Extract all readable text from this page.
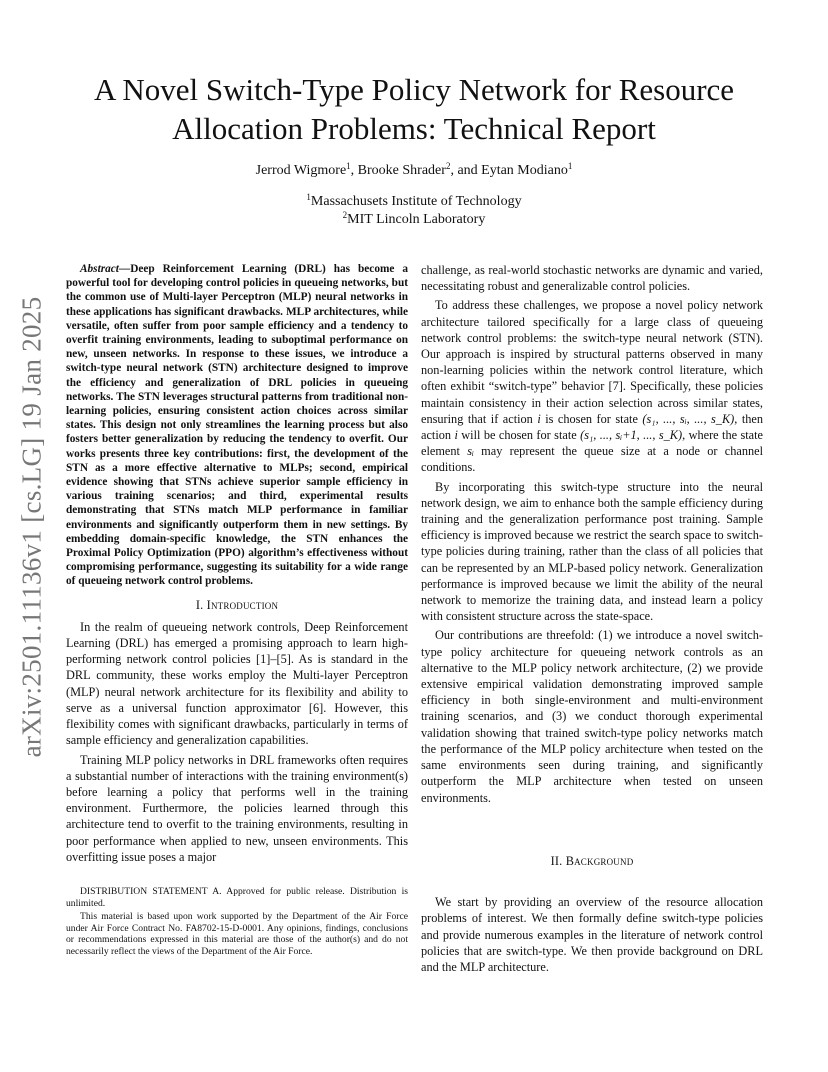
arXiv:2501.11136v1 [cs.LG] 19 Jan 2025
A Novel Switch-Type Policy Network for Resource Allocation Problems: Technical Report
Jerrod Wigmore$^1$, Brooke Shrader$^2$, and Eytan Modiano$^1$
$^1$Massachusets Institute of Technology
$^2$MIT Lincoln Laboratory

Abstract—Deep Reinforcement Learning (DRL) has become a powerful tool for developing control policies in queueing networks, but the common use of Multi-layer Perceptron (MLP) neural networks in these applications has significant drawbacks. MLP architectures, while versatile, often suffer from poor sample efficiency and a tendency to overfit training environments, leading to suboptimal performance on new, unseen networks. In response to these issues, we introduce a switch-type neural network (STN) architecture designed to improve the efficiency and generalization of DRL policies in queueing networks. The STN leverages structural patterns from traditional non-learning policies, ensuring consistent action choices across similar states. This design not only streamlines the learning process but also fosters better generalization by reducing the tendency to overfit. Our works presents three key contributions: first, the development of the STN as a more effective alternative to MLPs; second, empirical evidence showing that STNs achieve superior sample efficiency in various training scenarios; and third, experimental results demonstrating that STNs match MLP performance in familiar environments and significantly outperform them in new settings. By embedding domain-specific knowledge, the STN enhances the Proximal Policy Optimization (PPO) algorithm’s effectiveness without compromising performance, suggesting its suitability for a wide range of queueing network control problems.

I. Introduction

In the realm of queueing network controls, Deep Reinforcement Learning (DRL) has emerged a promising approach to learn high-performing network control policies [1]–[5]. As is standard in the DRL community, these works employ the Multi-layer Perceptron (MLP) neural network architecture for its flexibility and ability to serve as a universal function approximator [6]. However, this flexibility comes with significant drawbacks, particularly in terms of sample efficiency and generalization capabilities.

Training MLP policy networks in DRL frameworks often requires a substantial number of interactions with the training environment(s) before learning a policy that performs well in the training environment. Furthermore, the policies learned through this architecture tend to overfit to the training environments, resulting in poor performance when applied to new, unseen environments. This overfitting issue poses a major

DISTRIBUTION STATEMENT A. Approved for public release. Distribution is unlimited.

This material is based upon work supported by the Department of the Air Force under Air Force Contract No. FA8702-15-D-0001. Any opinions, findings, conclusions or recommendations expressed in this material are those of the author(s) and do not necessarily reflect the views of the Department of the Air Force.

challenge, as real-world stochastic networks are dynamic and varied, necessitating robust and generalizable control policies.

To address these challenges, we propose a novel policy network architecture tailored specifically for a large class of queueing network control problems: the switch-type neural network (STN). Our approach is inspired by structural patterns observed in many non-learning policies within the network control literature, which often exhibit “switch-type” behavior [7]. Specifically, these policies maintain consistency in their action selection across similar states, ensuring that if action i is chosen for state (s₁, ..., sᵢ, ..., s_K), then action i will be chosen for state (s₁, ..., sᵢ+1, ..., s_K), where the state element sᵢ may represent the queue size at a node or channel conditions.

By incorporating this switch-type structure into the neural network design, we aim to enhance both the sample efficiency during training and the generalization performance post training. Sample efficiency is improved because we restrict the search space to switch-type policies during training, rather than the class of all policies that can be represented by an MLP-based policy network. Generalization performance is improved because we limit the ability of the neural network to memorize the training data, and instead learn a policy with consistent structure across the state-space.

Our contributions are threefold: (1) we introduce a novel switch-type policy architecture for queueing network controls as an alternative to the MLP policy network architecture, (2) we provide extensive empirical validation demonstrating improved sample efficiency in both single-environment and multi-environment training scenarios, and (3) we conduct thorough experimental validation showing that trained switch-type policy networks match the performance of the MLP policy architecture when tested on the same environments seen during training, and significantly outperform the MLP architecture when tested on unseen environments.

II. Background

We start by providing an overview of the resource allocation problems of interest. We then formally define switch-type policies and provide numerous examples in the literature of network control policies that are switch-type. We then provide background on DRL and the MLP architecture.
